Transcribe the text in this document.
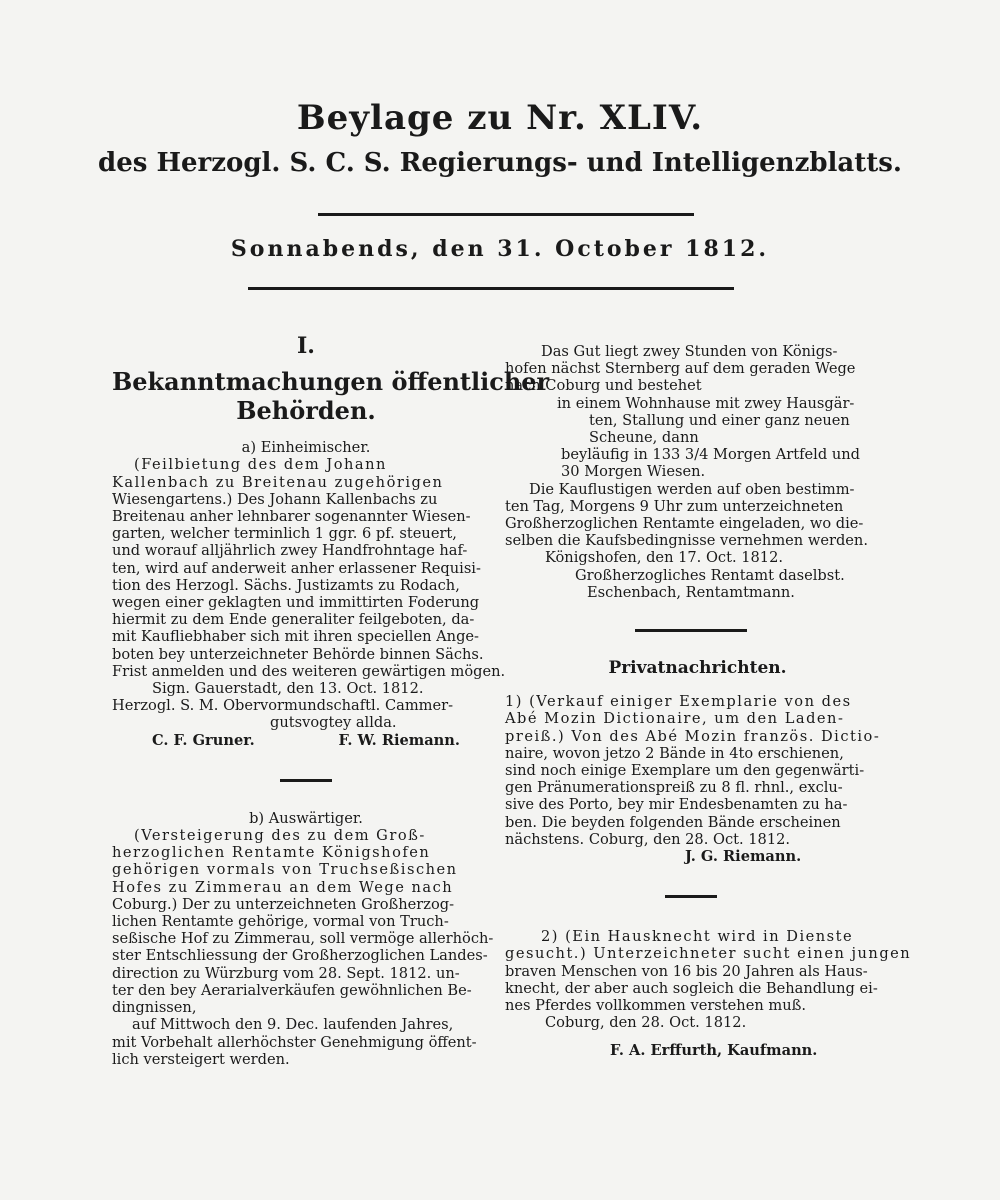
Beylage zu Nr. XLIV.
des Herzogl. S. C. S. Regierungs- und Intelligenzblatts.
Sonnabends, den 31. October 1812.

I.

Bekanntmachungen öffentlicher

Behörden.

a) Einheimischer.

(Feilbietung des dem Johann

Kallenbach zu Breitenau zugehörigen

Wiesengartens.) Des Johann Kallenbachs zu

Breitenau anher lehnbarer sogenannter Wiesen-

garten, welcher terminlich 1 ggr. 6 pf. steuert,

und worauf alljährlich zwey Handfrohntage haf-

ten, wird auf anderweit anher erlassener Requisi-

tion des Herzogl. Sächs. Justizamts zu Rodach,

wegen einer geklagten und immittirten Foderung

hiermit zu dem Ende generaliter feilgeboten, da-

mit Kaufliebhaber sich mit ihren speciellen Ange-

boten bey unterzeichneter Behörde binnen Sächs.

Frist anmelden und des weiteren gewärtigen mögen.

Sign. Gauerstadt, den 13. Oct. 1812.

Herzogl. S. M. Obervormundschaftl. Cammer-

gutsvogtey allda.

C. F. Gruner.	F. W. Riemann.

b) Auswärtiger.

(Versteigerung des zu dem Groß-

herzoglichen Rentamte Königshofen

gehörigen vormals von Truchseßischen

Hofes zu Zimmerau an dem Wege nach

Coburg.) Der zu unterzeichneten Großherzog-

lichen Rentamte gehörige, vormal von Truch-

seßische Hof zu Zimmerau, soll vermöge allerhöch-

ster Entschliessung der Großherzoglichen Landes-

direction zu Würzburg vom 28. Sept. 1812. un-

ter den bey Aerarialverkäufen gewöhnlichen Be-

dingnissen,

auf Mittwoch den 9. Dec. laufenden Jahres,

mit Vorbehalt allerhöchster Genehmigung öffent-

lich versteigert werden.

Das Gut liegt zwey Stunden von Königs-

hofen nächst Sternberg auf dem geraden Wege

nach Coburg und bestehet

in einem Wohnhause mit zwey Hausgär-

ten, Stallung und einer ganz neuen

Scheune, dann

beyläufig in 133 3/4 Morgen Artfeld und

30 Morgen Wiesen.

Die Kauflustigen werden auf oben bestimm-

ten Tag, Morgens 9 Uhr zum unterzeichneten

Großherzoglichen Rentamte eingeladen, wo die-

selben die Kaufsbedingnisse vernehmen werden.

Königshofen, den 17. Oct. 1812.

Großherzogliches Rentamt daselbst.

Eschenbach, Rentamtmann.

Privatnachrichten.

1) (Verkauf einiger Exemplarie von des

Abé Mozin Dictionaire, um den Laden-

preiß.) Von des Abé Mozin französ. Dictio-

naire, wovon jetzo 2 Bände in 4to erschienen,

sind noch einige Exemplare um den gegenwärti-

gen Pränumerationspreiß zu 8 fl. rhnl., exclu-

sive des Porto, bey mir Endesbenamten zu ha-

ben. Die beyden folgenden Bände erscheinen

nächstens. Coburg, den 28. Oct. 1812.

J. G. Riemann.

2) (Ein Hausknecht wird in Dienste

gesucht.) Unterzeichneter sucht einen jungen

braven Menschen von 16 bis 20 Jahren als Haus-

knecht, der aber auch sogleich die Behandlung ei-

nes Pferdes vollkommen verstehen muß.

Coburg, den 28. Oct. 1812.

F. A. Erffurth, Kaufmann.
